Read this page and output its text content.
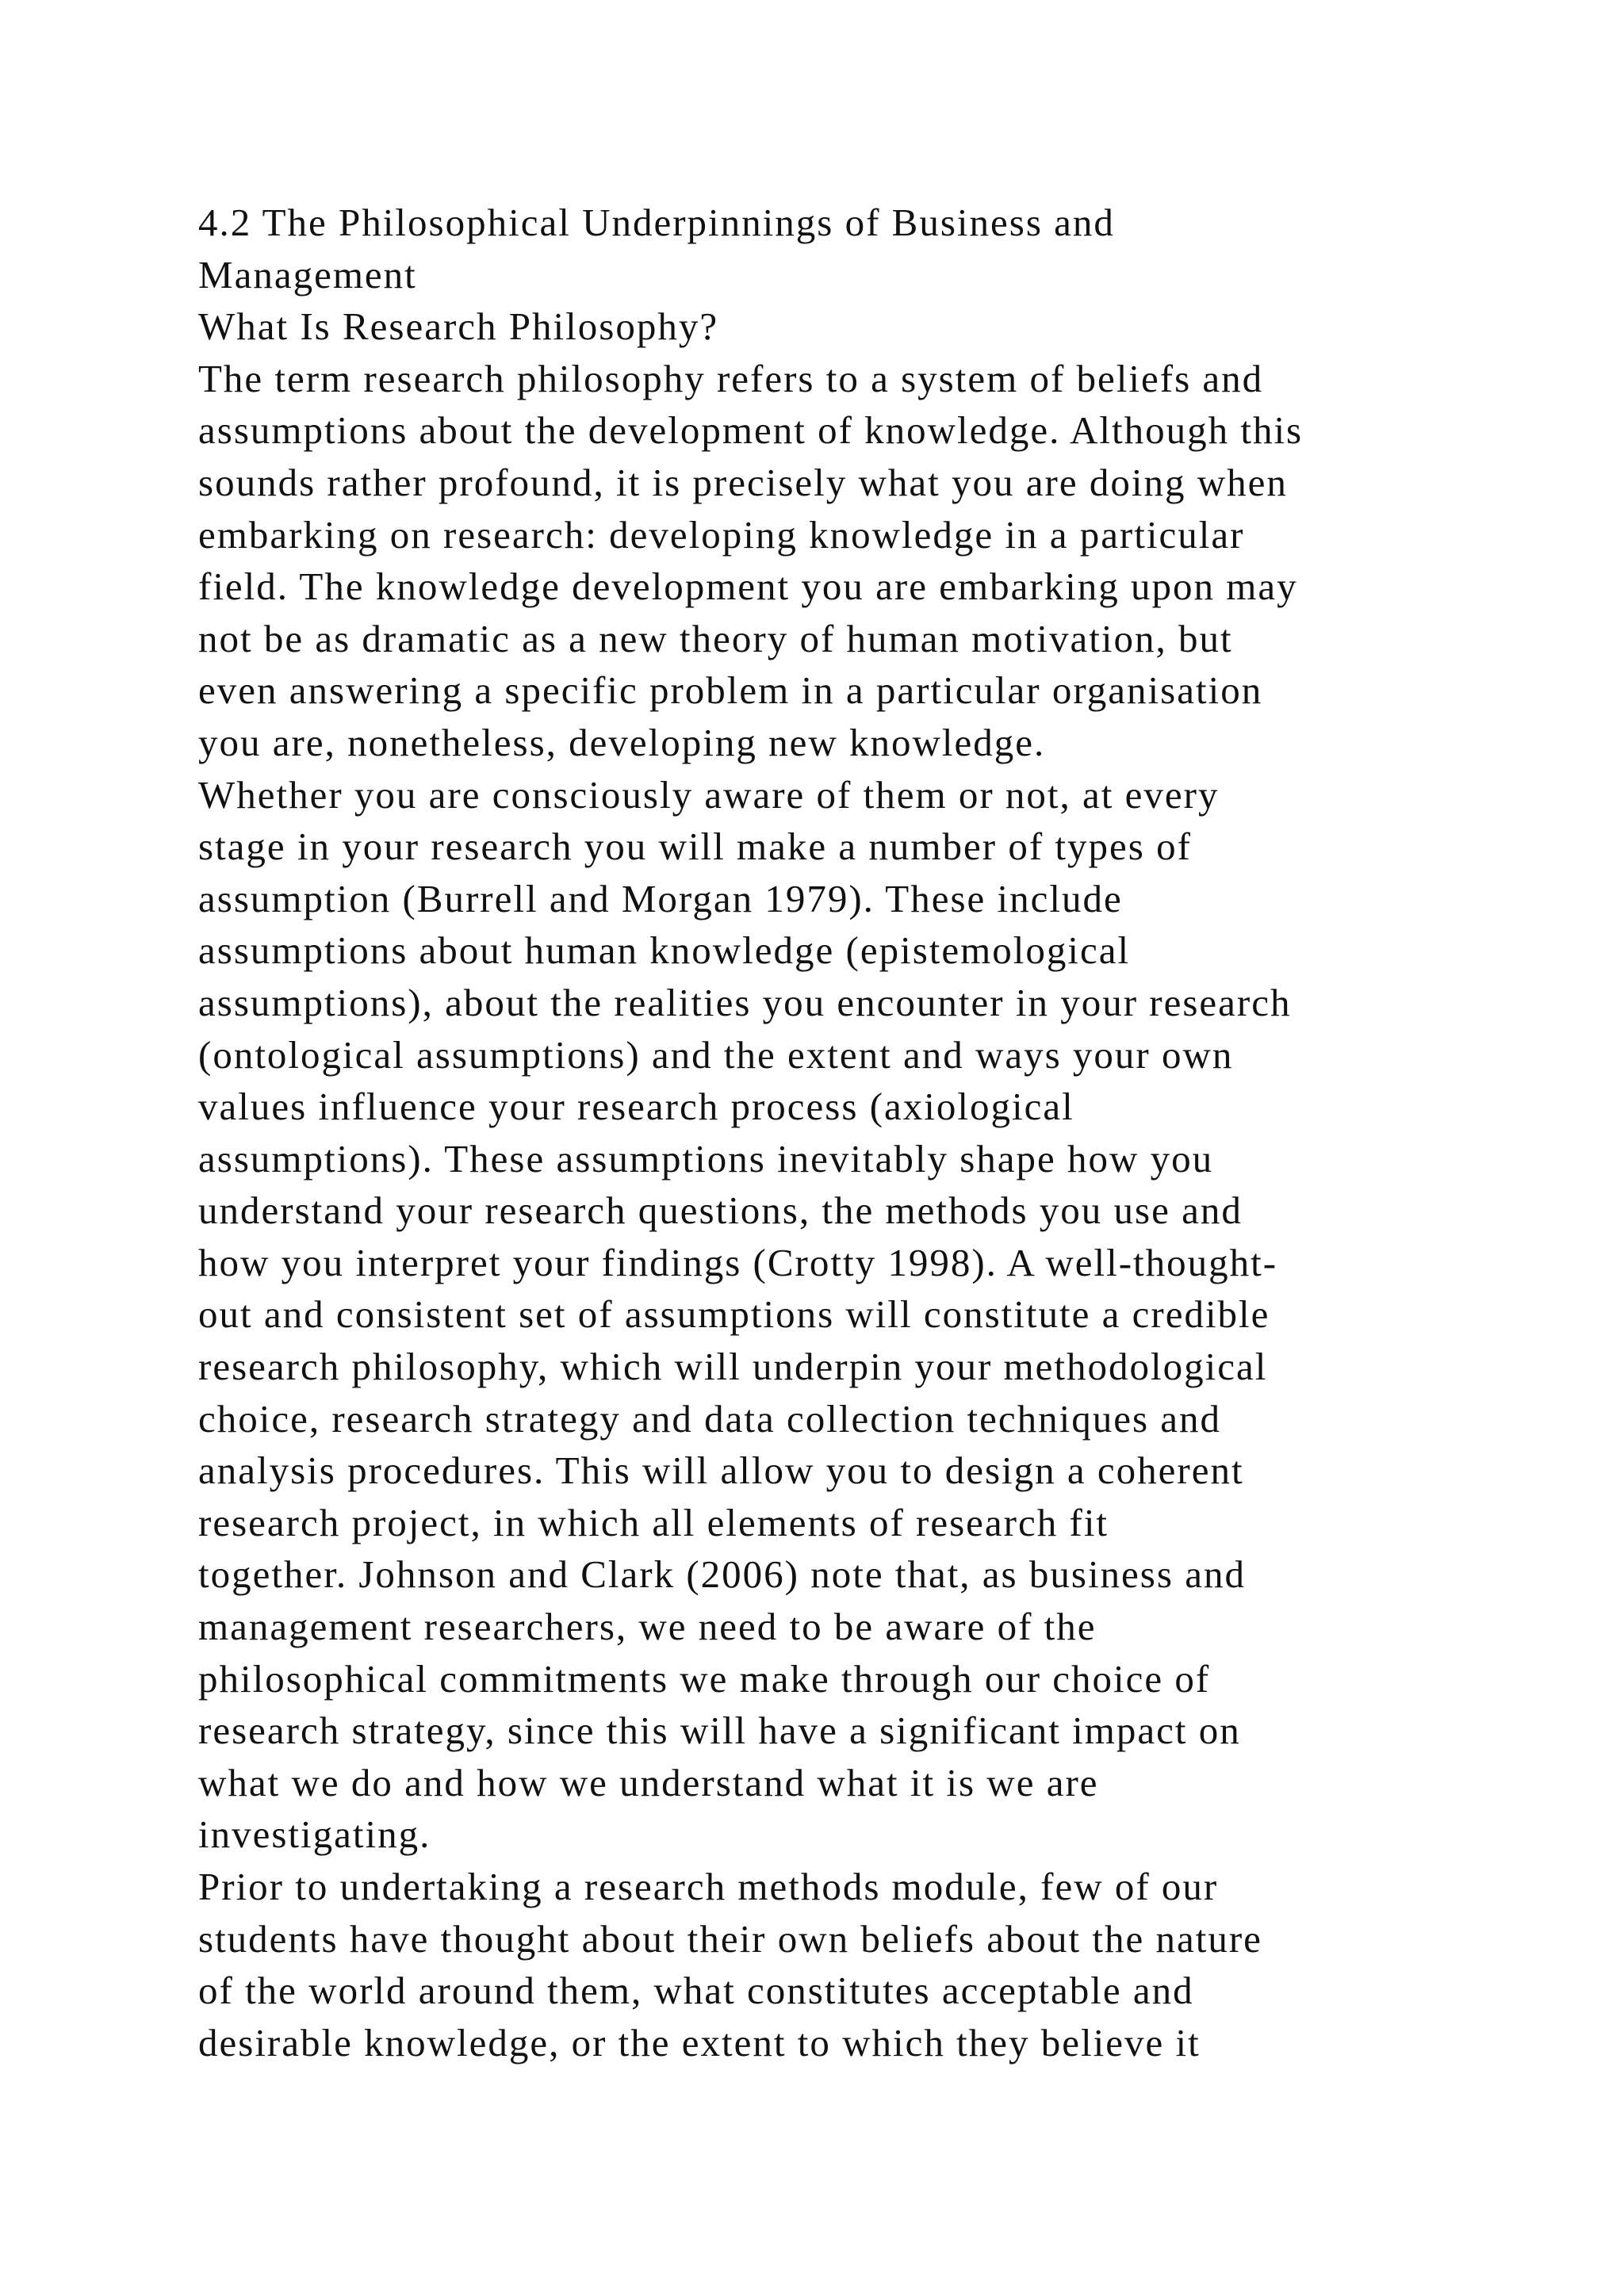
4.2 The Philosophical Underpinnings of Business and
Management
What Is Research Philosophy?
The term research philosophy refers to a system of beliefs and
assumptions about the development of knowledge. Although this
sounds rather profound, it is precisely what you are doing when
embarking on research: developing knowledge in a particular
field. The knowledge development you are embarking upon may
not be as dramatic as a new theory of human motivation, but
even answering a specific problem in a particular organisation
you are, nonetheless, developing new knowledge.
Whether you are consciously aware of them or not, at every
stage in your research you will make a number of types of
assumption (Burrell and Morgan 1979). These include
assumptions about human knowledge (epistemological
assumptions), about the realities you encounter in your research
(ontological assumptions) and the extent and ways your own
values influence your research process (axiological
assumptions). These assumptions inevitably shape how you
understand your research questions, the methods you use and
how you interpret your findings (Crotty 1998). A well-thought-
out and consistent set of assumptions will constitute a credible
research philosophy, which will underpin your methodological
choice, research strategy and data collection techniques and
analysis procedures. This will allow you to design a coherent
research project, in which all elements of research fit
together. Johnson and Clark (2006) note that, as business and
management researchers, we need to be aware of the
philosophical commitments we make through our choice of
research strategy, since this will have a significant impact on
what we do and how we understand what it is we are
investigating.
Prior to undertaking a research methods module, few of our
students have thought about their own beliefs about the nature
of the world around them, what constitutes acceptable and
desirable knowledge, or the extent to which they believe it
